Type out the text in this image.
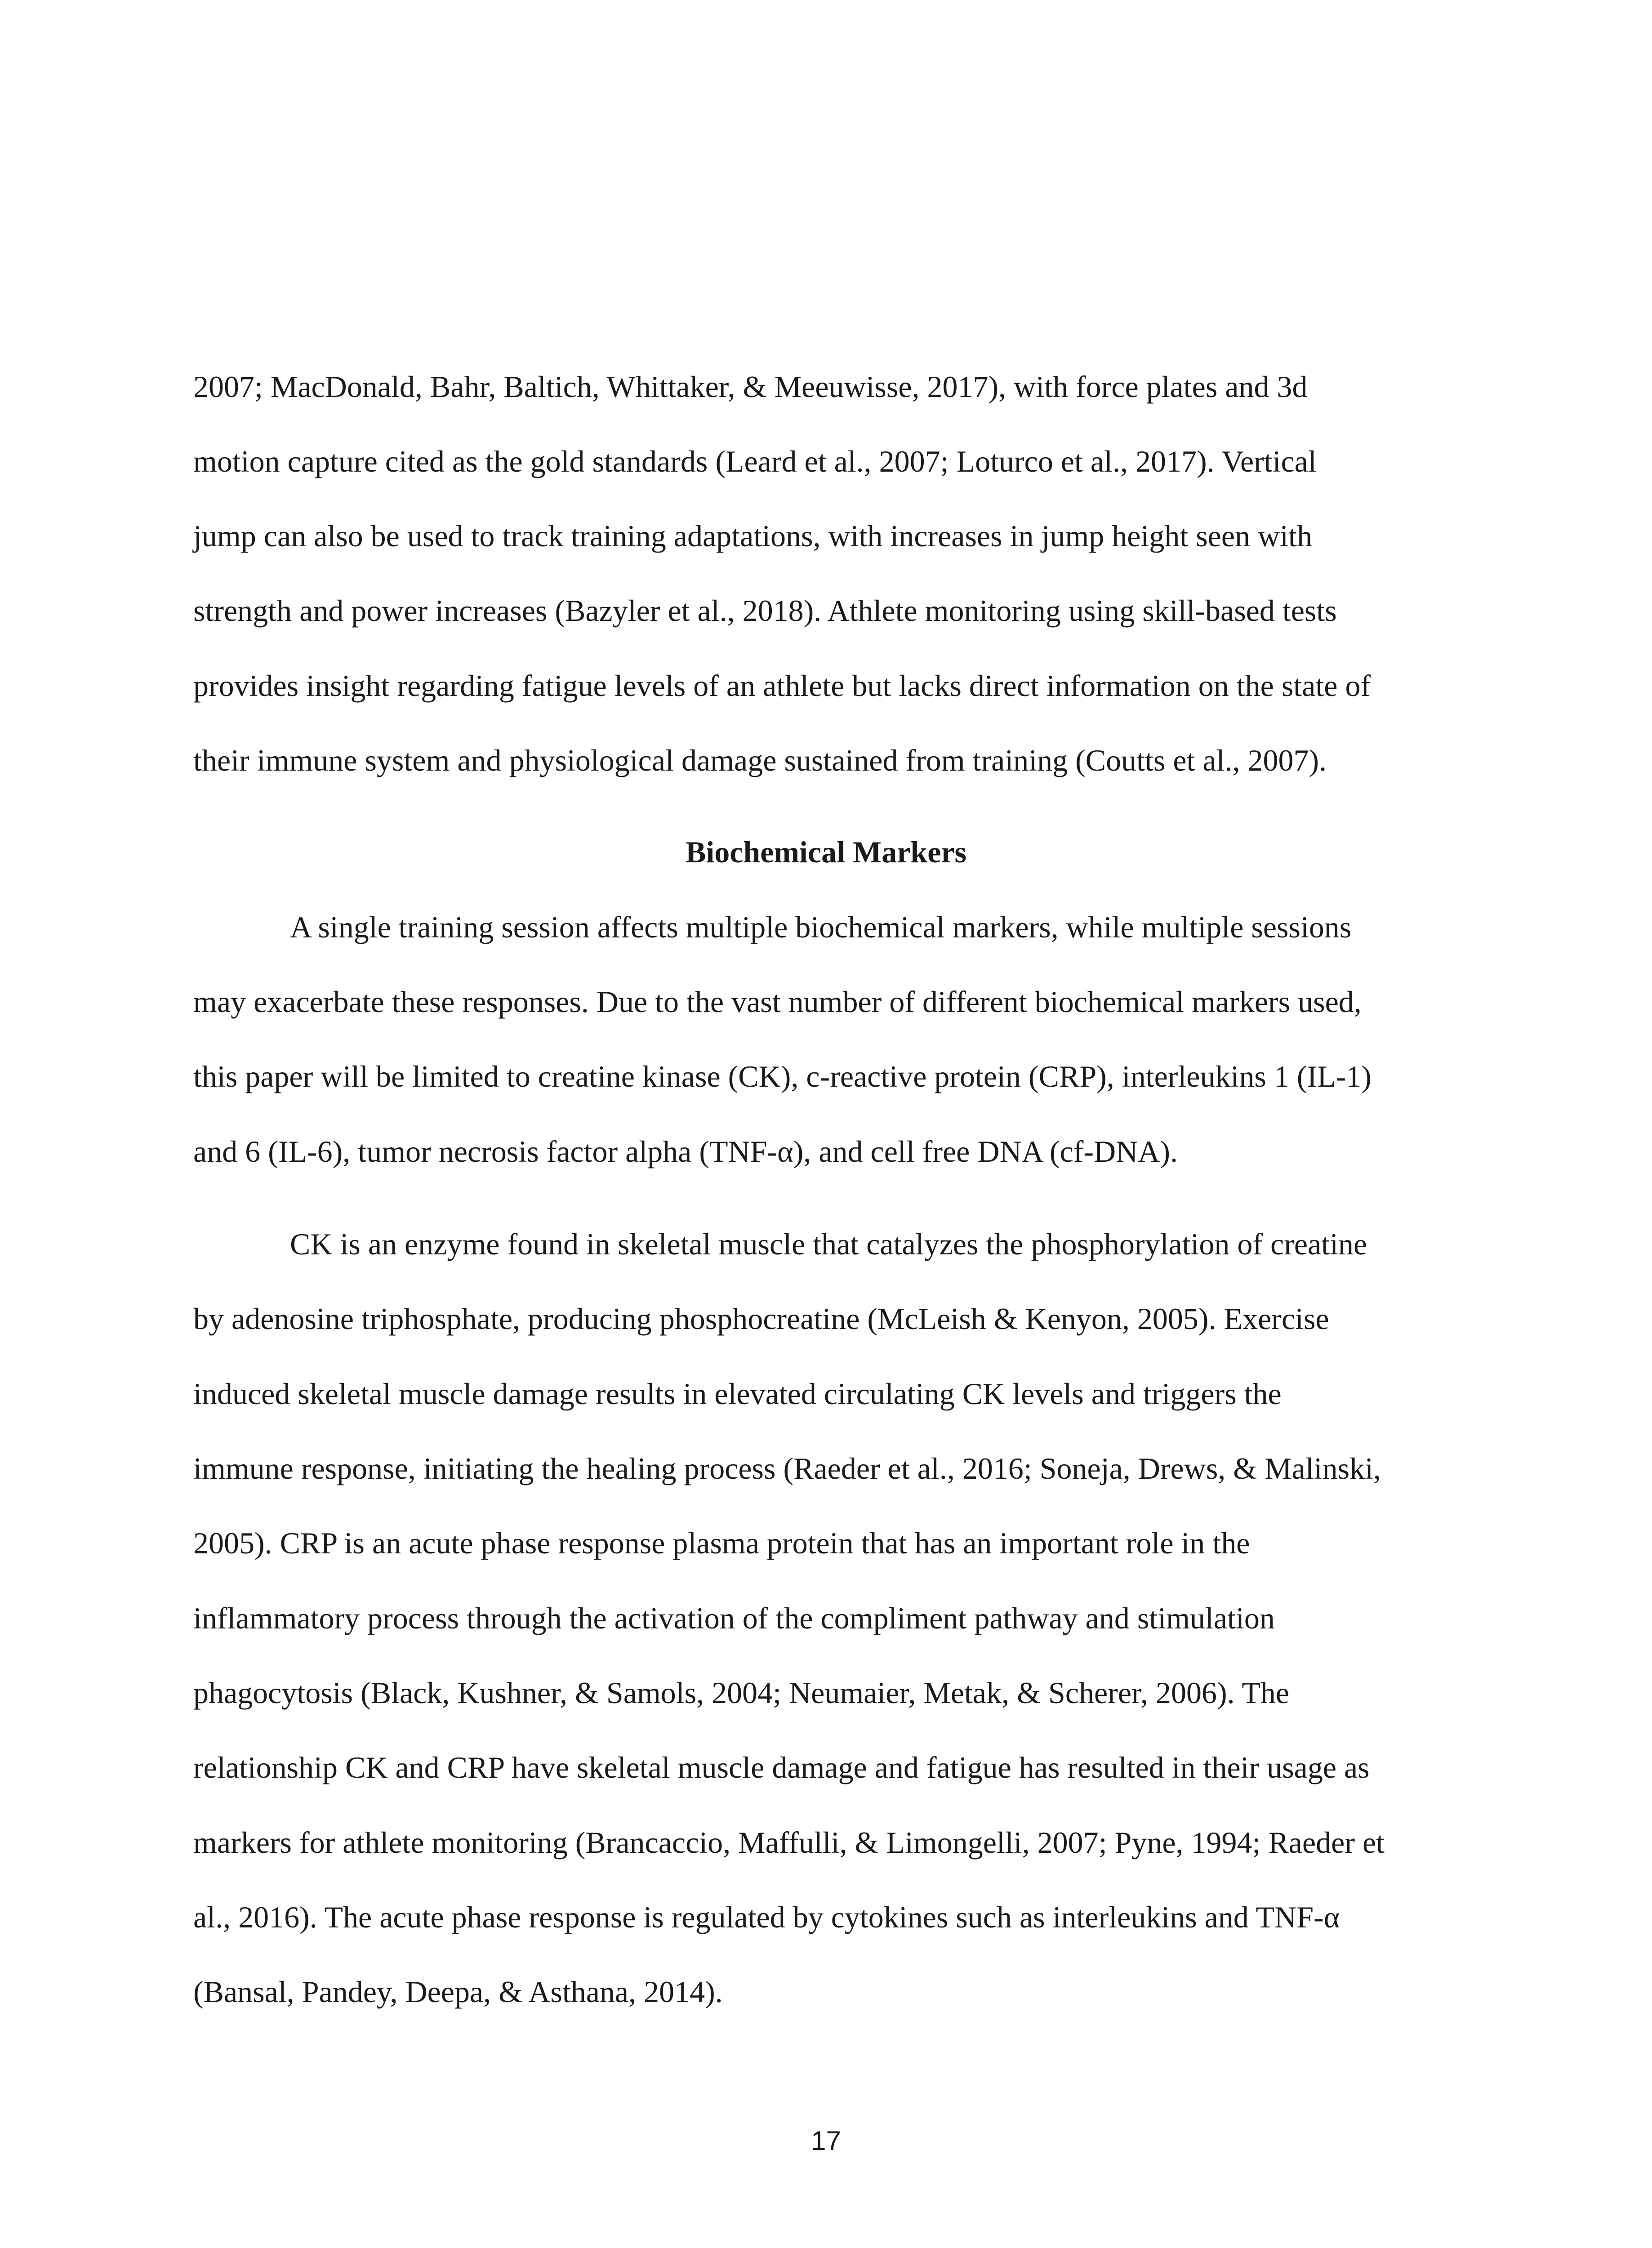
2007; MacDonald, Bahr, Baltich, Whittaker, & Meeuwisse, 2017), with force plates and 3d

motion capture cited as the gold standards (Leard et al., 2007; Loturco et al., 2017). Vertical

jump can also be used to track training adaptations, with increases in jump height seen with

strength and power increases (Bazyler et al., 2018). Athlete monitoring using skill-based tests

provides insight regarding fatigue levels of an athlete but lacks direct information on the state of

their immune system and physiological damage sustained from training (Coutts et al., 2007).

Biochemical Markers

A single training session affects multiple biochemical markers, while multiple sessions

may exacerbate these responses. Due to the vast number of different biochemical markers used,

this paper will be limited to creatine kinase (CK), c-reactive protein (CRP), interleukins 1 (IL-1)

and 6 (IL-6), tumor necrosis factor alpha (TNF-α), and cell free DNA (cf-DNA).

CK is an enzyme found in skeletal muscle that catalyzes the phosphorylation of creatine

by adenosine triphosphate, producing phosphocreatine (McLeish & Kenyon, 2005). Exercise

induced skeletal muscle damage results in elevated circulating CK levels and triggers the

immune response, initiating the healing process (Raeder et al., 2016; Soneja, Drews, & Malinski,

2005). CRP is an acute phase response plasma protein that has an important role in the

inflammatory process through the activation of the compliment pathway and stimulation

phagocytosis (Black, Kushner, & Samols, 2004; Neumaier, Metak, & Scherer, 2006). The

relationship CK and CRP have skeletal muscle damage and fatigue has resulted in their usage as

markers for athlete monitoring (Brancaccio, Maffulli, & Limongelli, 2007; Pyne, 1994; Raeder et

al., 2016). The acute phase response is regulated by cytokines such as interleukins and TNF-α

(Bansal, Pandey, Deepa, & Asthana, 2014).

17
